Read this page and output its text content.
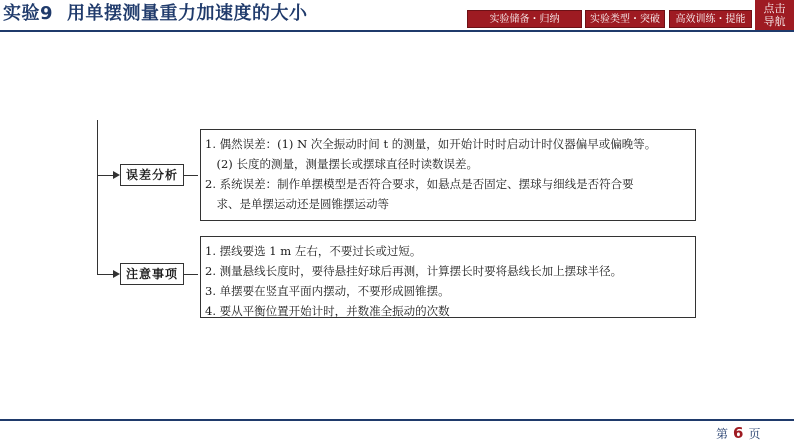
实验9 用单摆测量重力加速度的大小	实验储备・归纳	实验类型・突破	高效训练・提能
点击
导航
误差分析
注意事项

1. 偶然误差：(1) N 次全振动时间 t 的测量，如开始计时时启动计时仪器偏早或偏晚等。

　(2) 长度的测量，测量摆长或摆球直径时读数误差。

2. 系统误差：制作单摆模型是否符合要求，如悬点是否固定、摆球与细线是否符合要

　求、是单摆运动还是圆锥摆运动等

1. 摆线要选 1 m 左右，不要过长或过短。

2. 测量悬线长度时，要待悬挂好球后再测，计算摆长时要将悬线长加上摆球半径。

3. 单摆要在竖直平面内摆动，不要形成圆锥摆。

4. 要从平衡位置开始计时，并数准全振动的次数

第 6 页
